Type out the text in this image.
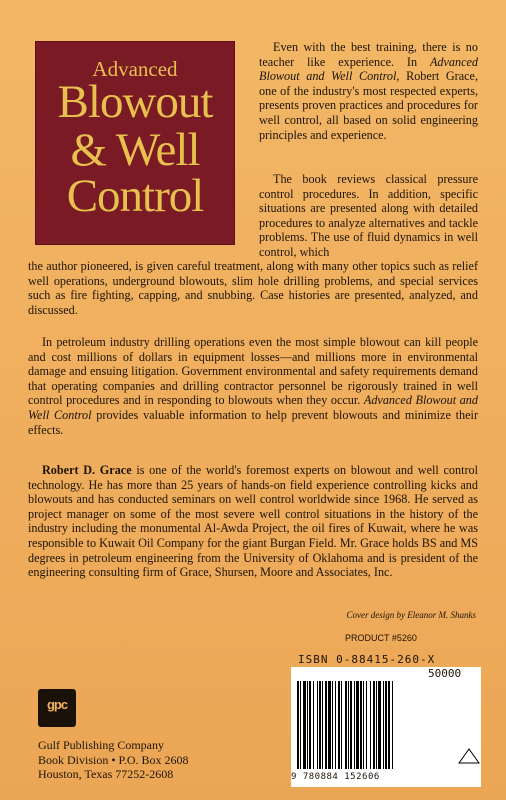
Advanced
Blowout
& Well
Control

Even with the best training, there is no teacher like experience. In Advanced Blowout and Well Control, Robert Grace, one of the industry's most respected experts, presents proven practices and procedures for well control, all based on solid engineering principles and experience.

The book reviews classical pressure control procedures. In addition, specific situations are presented along with detailed procedures to analyze alternatives and tackle problems. The use of fluid dynamics in well control, which

the author pioneered, is given careful treatment, along with many other topics such as relief well operations, underground blowouts, slim hole drilling problems, and special services such as fire fighting, capping, and snubbing. Case histories are presented, analyzed, and discussed.

In petroleum industry drilling operations even the most simple blowout can kill people and cost millions of dollars in equipment losses—and millions more in environmental damage and ensuing litigation. Government environmental and safety requirements demand that operating companies and drilling contractor personnel be rigorously trained in well control procedures and in responding to blowouts when they occur. Advanced Blowout and Well Control provides valuable information to help prevent blowouts and minimize their effects.

Robert D. Grace is one of the world's foremost experts on blowout and well control technology. He has more than 25 years of hands-on field experience controlling kicks and blowouts and has conducted seminars on well control worldwide since 1968. He served as project manager on some of the most severe well control situations in the history of the industry including the monumental Al-Awda Project, the oil fires of Kuwait, where he was responsible to Kuwait Oil Company for the giant Burgan Field. Mr. Grace holds BS and MS degrees in petroleum engineering from the University of Oklahoma and is president of the engineering consulting firm of Grace, Shursen, Moore and Associates, Inc.

Cover design by Eleanor M. Shanks
PRODUCT #5260
ISBN 0-88415-260-X
50000
9 780884 152606
gpc
Gulf Publishing Company
Book Division • P.O. Box 2608
Houston, Texas 77252-2608
